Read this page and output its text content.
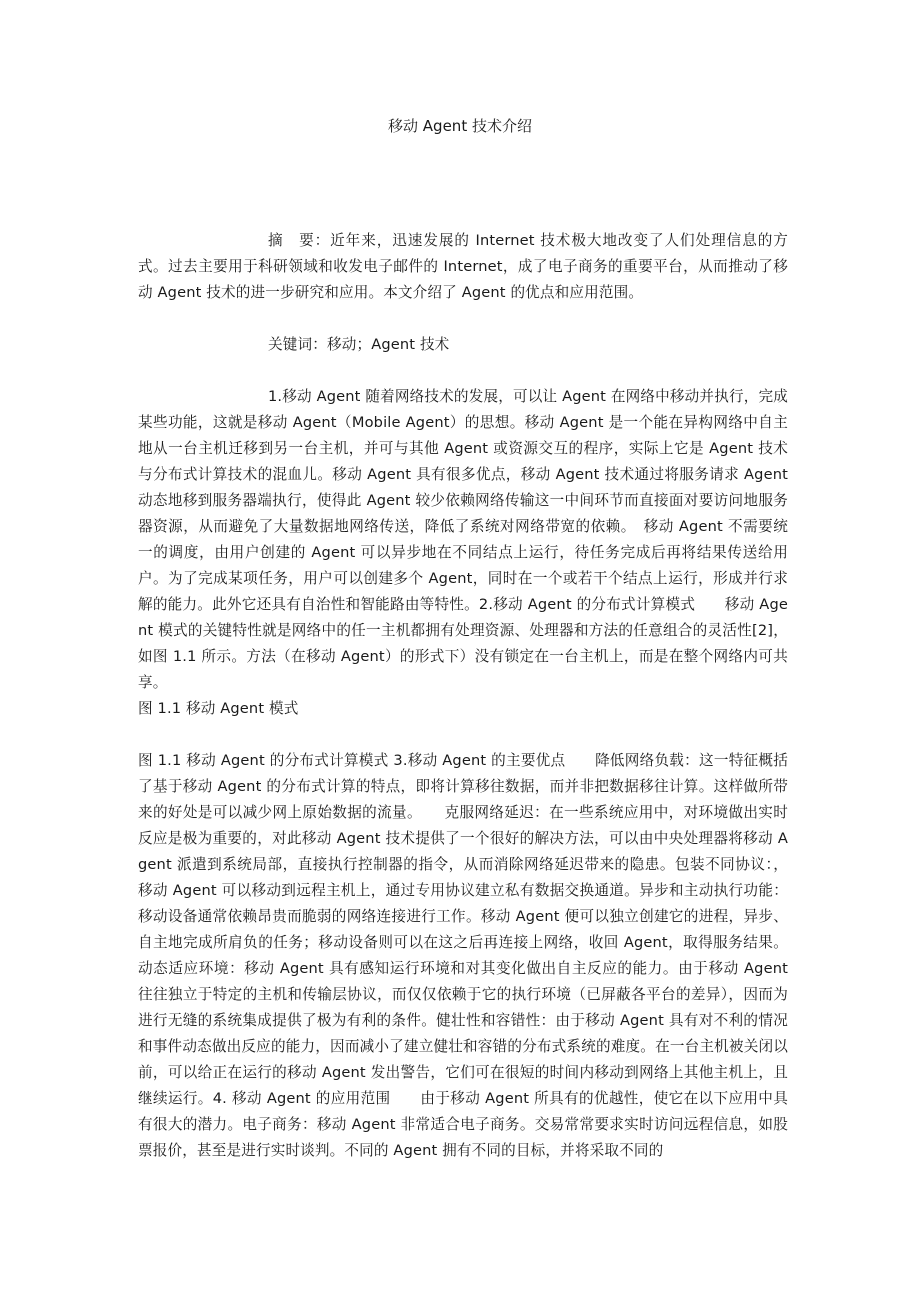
移动 Agent 技术介绍
摘　要：近年来，迅速发展的 Internet 技术极大地改变了人们处理信息的方式。过去主要用于科研领域和收发电子邮件的 Internet，成了电子商务的重要平台，从而推动了移动 Agent 技术的进一步研究和应用。本文介绍了 Agent 的优点和应用范围。
关键词：移动；Agent 技术
1.移动 Agent 随着网络技术的发展，可以让 Agent 在网络中移动并执行，完成某些功能，这就是移动 Agent（Mobile Agent）的思想。移动 Agent 是一个能在异构网络中自主地从一台主机迁移到另一台主机，并可与其他 Agent 或资源交互的程序，实际上它是 Agent 技术与分布式计算技术的混血儿。移动 Agent 具有很多优点，移动 Agent 技术通过将服务请求 Agent 动态地移到服务器端执行，使得此 Agent 较少依赖网络传输这一中间环节而直接面对要访问地服务器资源，从而避免了大量数据地网络传送，降低了系统对网络带宽的依赖。　移动 Agent 不需要统一的调度，由用户创建的 Agent 可以异步地在不同结点上运行，待任务完成后再将结果传送给用户。为了完成某项任务，用户可以创建多个 Agent，同时在一个或若干个结点上运行，形成并行求解的能力。此外它还具有自治性和智能路由等特性。2.移动 Agent 的分布式计算模式　　移动 Agent 模式的关键特性就是网络中的任一主机都拥有处理资源、处理器和方法的任意组合的灵活性[2]，如图 1.1 所示。方法（在移动 Agent）的形式下）没有锁定在一台主机上，而是在整个网络内可共享。
图 1.1 移动 Agent 模式
图 1.1 移动 Agent 的分布式计算模式 3.移动 Agent 的主要优点　　降低网络负载：这一特征概括了基于移动 Agent 的分布式计算的特点，即将计算移往数据，而并非把数据移往计算。这样做所带来的好处是可以减少网上原始数据的流量。　　克服网络延迟：在一些系统应用中，对环境做出实时反应是极为重要的，对此移动 Agent 技术提供了一个很好的解决方法，可以由中央处理器将移动 Agent 派遣到系统局部，直接执行控制器的指令，从而消除网络延迟带来的隐患。包装不同协议：，移动 Agent 可以移动到远程主机上，通过专用协议建立私有数据交换通道。异步和主动执行功能：移动设备通常依赖昂贵而脆弱的网络连接进行工作。移动 Agent 便可以独立创建它的进程，异步、自主地完成所肩负的任务；移动设备则可以在这之后再连接上网络，收回 Agent，取得服务结果。动态适应环境：移动 Agent 具有感知运行环境和对其变化做出自主反应的能力。由于移动 Agent 往往独立于特定的主机和传输层协议，而仅仅依赖于它的执行环境（已屏蔽各平台的差异），因而为进行无缝的系统集成提供了极为有利的条件。健壮性和容错性：由于移动 Agent 具有对不利的情况和事件动态做出反应的能力，因而减小了建立健壮和容错的分布式系统的难度。在一台主机被关闭以前，可以给正在运行的移动 Agent 发出警告，它们可在很短的时间内移动到网络上其他主机上，且继续运行。4. 移动 Agent 的应用范围　　由于移动 Agent 所具有的优越性，使它在以下应用中具有很大的潜力。电子商务：移动 Agent 非常适合电子商务。交易常常要求实时访问远程信息，如股票报价，甚至是进行实时谈判。不同的 Agent 拥有不同的目标，并将采取不同的
